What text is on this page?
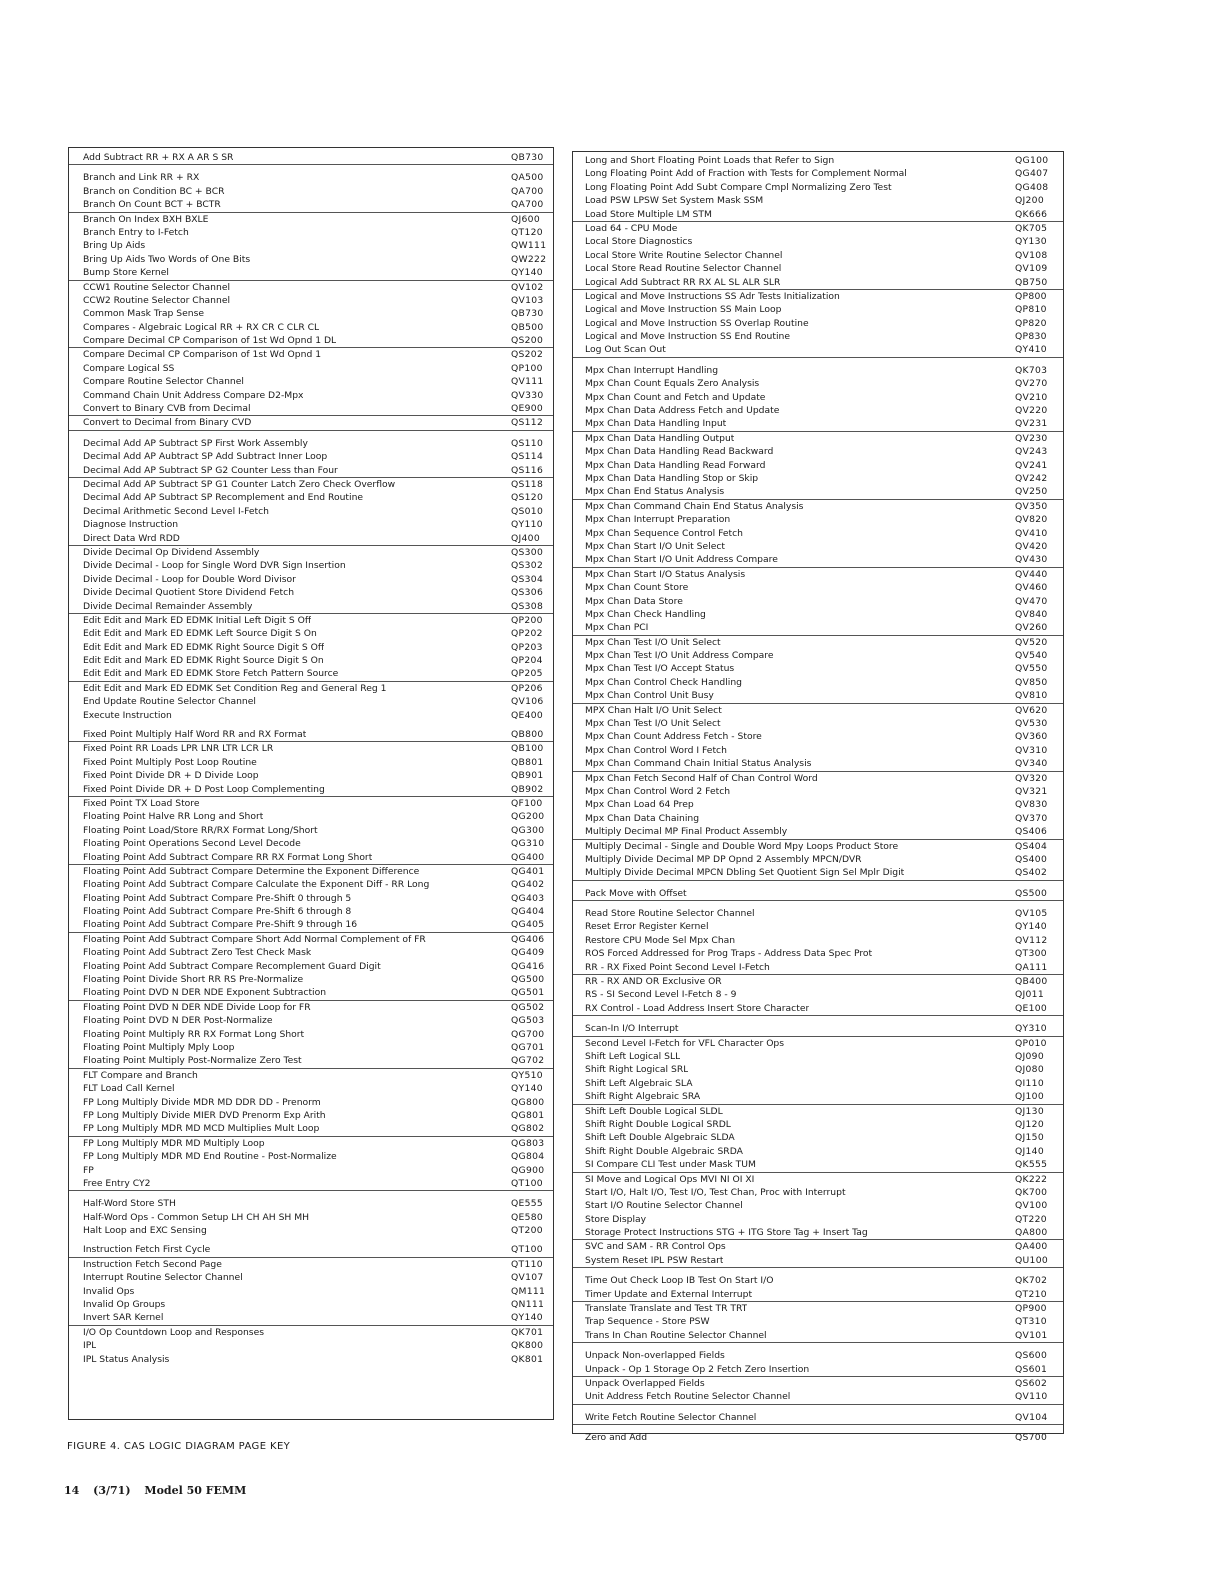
Add Subtract RR + RX A AR S SR	QB730
Branch and Link RR + RX	QA500
Branch on Condition BC + BCR	QA700
Branch On Count BCT + BCTR	QA700
Branch On Index BXH BXLE	QJ600
Branch Entry to I-Fetch	QT120
Bring Up Aids	QW111
Bring Up Aids Two Words of One Bits	QW222
Bump Store Kernel	QY140
CCW1 Routine Selector Channel	QV102
CCW2 Routine Selector Channel	QV103
Common Mask Trap Sense	QB730
Compares - Algebraic Logical RR + RX CR C CLR CL	QB500
Compare Decimal CP Comparison of 1st Wd Opnd 1 DL	QS200
Compare Decimal CP Comparison of 1st Wd Opnd 1	QS202
Compare Logical SS	QP100
Compare Routine Selector Channel	QV111
Command Chain Unit Address Compare D2-Mpx	QV330
Convert to Binary CVB from Decimal	QE900
Convert to Decimal from Binary CVD	QS112
Decimal Add AP Subtract SP First Work Assembly	QS110
Decimal Add AP Aubtract SP Add Subtract Inner Loop	QS114
Decimal Add AP Subtract SP G2 Counter Less than Four	QS116
Decimal Add AP Subtract SP G1 Counter Latch Zero Check Overflow	QS118
Decimal Add AP Subtract SP Recomplement and End Routine	QS120
Decimal Arithmetic Second Level I-Fetch	QS010
Diagnose Instruction	QY110
Direct Data Wrd RDD	QJ400
Divide Decimal Op Dividend Assembly	QS300
Divide Decimal - Loop for Single Word DVR Sign Insertion	QS302
Divide Decimal - Loop for Double Word Divisor	QS304
Divide Decimal Quotient Store Dividend Fetch	QS306
Divide Decimal Remainder Assembly	QS308
Edit Edit and Mark ED EDMK Initial Left Digit S Off	QP200
Edit Edit and Mark ED EDMK Left Source Digit S On	QP202
Edit Edit and Mark ED EDMK Right Source Digit S Off	QP203
Edit Edit and Mark ED EDMK Right Source Digit S On	QP204
Edit Edit and Mark ED EDMK Store Fetch Pattern Source	QP205
Edit Edit and Mark ED EDMK Set Condition Reg and General Reg 1	QP206
End Update Routine Selector Channel	QV106
Execute Instruction	QE400
Fixed Point Multiply Half Word RR and RX Format	QB800
Fixed Point RR Loads LPR LNR LTR LCR LR	QB100
Fixed Point Multiply Post Loop Routine	QB801
Fixed Point Divide DR + D Divide Loop	QB901
Fixed Point Divide DR + D Post Loop Complementing	QB902
Fixed Point TX Load Store	QF100
Floating Point Halve RR Long and Short	QG200
Floating Point Load/Store RR/RX Format Long/Short	QG300
Floating Point Operations Second Level Decode	QG310
Floating Point Add Subtract Compare RR RX Format Long Short	QG400
Floating Point Add Subtract Compare Determine the Exponent Difference	QG401
Floating Point Add Subtract Compare Calculate the Exponent Diff - RR Long	QG402
Floating Point Add Subtract Compare Pre-Shift 0 through 5	QG403
Floating Point Add Subtract Compare Pre-Shift 6 through 8	QG404
Floating Point Add Subtract Compare Pre-Shift 9 through 16	QG405
Floating Point Add Subtract Compare Short Add Normal Complement of FR	QG406
Floating Point Add Subtract Zero Test Check Mask	QG409
Floating Point Add Subtract Compare Recomplement Guard Digit	QG416
Floating Point Divide Short RR RS Pre-Normalize	QG500
Floating Point DVD N DER NDE Exponent Subtraction	QG501
Floating Point DVD N DER NDE Divide Loop for FR	QG502
Floating Point DVD N DER Post-Normalize	QG503
Floating Point Multiply RR RX Format Long Short	QG700
Floating Point Multiply Mply Loop	QG701
Floating Point Multiply Post-Normalize Zero Test	QG702
FLT Compare and Branch	QY510
FLT Load Call Kernel	QY140
FP Long Multiply Divide MDR MD DDR DD - Prenorm	QG800
FP Long Multiply Divide MIER DVD Prenorm Exp Arith	QG801
FP Long Multiply MDR MD MCD Multiplies Mult Loop	QG802
FP Long Multiply MDR MD Multiply Loop	QG803
FP Long Multiply MDR MD End Routine - Post-Normalize	QG804
FP	QG900
Free Entry CY2	QT100
Half-Word Store STH	QE555
Half-Word Ops - Common Setup LH CH AH SH MH	QE580
Halt Loop and EXC Sensing	QT200
Instruction Fetch First Cycle	QT100
Instruction Fetch Second Page	QT110
Interrupt Routine Selector Channel	QV107
Invalid Ops	QM111
Invalid Op Groups	QN111
Invert SAR Kernel	QY140
I/O Op Countdown Loop and Responses	QK701
IPL	QK800
IPL Status Analysis	QK801
Long and Short Floating Point Loads that Refer to Sign	QG100
Long Floating Point Add of Fraction with Tests for Complement Normal	QG407
Long Floating Point Add Subt Compare Cmpl Normalizing Zero Test	QG408
Load PSW LPSW Set System Mask SSM	QJ200
Load Store Multiple LM STM	QK666
Load 64 - CPU Mode	QK705
Local Store Diagnostics	QY130
Local Store Write Routine Selector Channel	QV108
Local Store Read Routine Selector Channel	QV109
Logical Add Subtract RR RX AL SL ALR SLR	QB750
Logical and Move Instructions SS Adr Tests Initialization	QP800
Logical and Move Instruction SS Main Loop	QP810
Logical and Move Instruction SS Overlap Routine	QP820
Logical and Move Instruction SS End Routine	QP830
Log Out Scan Out	QY410
Mpx Chan Interrupt Handling	QK703
Mpx Chan Count Equals Zero Analysis	QV270
Mpx Chan Count and Fetch and Update	QV210
Mpx Chan Data Address Fetch and Update	QV220
Mpx Chan Data Handling Input	QV231
Mpx Chan Data Handling Output	QV230
Mpx Chan Data Handling Read Backward	QV243
Mpx Chan Data Handling Read Forward	QV241
Mpx Chan Data Handling Stop or Skip	QV242
Mpx Chan End Status Analysis	QV250
Mpx Chan Command Chain End Status Analysis	QV350
Mpx Chan Interrupt Preparation	QV820
Mpx Chan Sequence Control Fetch	QV410
Mpx Chan Start I/O Unit Select	QV420
Mpx Chan Start I/O Unit Address Compare	QV430
Mpx Chan Start I/O Status Analysis	QV440
Mpx Chan Count Store	QV460
Mpx Chan Data Store	QV470
Mpx Chan Check Handling	QV840
Mpx Chan PCI	QV260
Mpx Chan Test I/O Unit Select	QV520
Mpx Chan Test I/O Unit Address Compare	QV540
Mpx Chan Test I/O Accept Status	QV550
Mpx Chan Control Check Handling	QV850
Mpx Chan Control Unit Busy	QV810
MPX Chan Halt I/O Unit Select	QV620
Mpx Chan Test I/O Unit Select	QV530
Mpx Chan Count Address Fetch - Store	QV360
Mpx Chan Control Word I Fetch	QV310
Mpx Chan Command Chain Initial Status Analysis	QV340
Mpx Chan Fetch Second Half of Chan Control Word	QV320
Mpx Chan Control Word 2 Fetch	QV321
Mpx Chan Load 64 Prep	QV830
Mpx Chan Data Chaining	QV370
Multiply Decimal MP Final Product Assembly	QS406
Multiply Decimal - Single and Double Word Mpy Loops Product Store	QS404
Multiply Divide Decimal MP DP Opnd 2 Assembly MPCN/DVR	QS400
Multiply Divide Decimal MPCN Dbling Set Quotient Sign Sel Mplr Digit	QS402
Pack Move with Offset	QS500
Read Store Routine Selector Channel	QV105
Reset Error Register Kernel	QY140
Restore CPU Mode Sel Mpx Chan	QV112
ROS Forced Addressed for Prog Traps - Address Data Spec Prot	QT300
RR - RX Fixed Point Second Level I-Fetch	QA111
RR - RX AND OR Exclusive OR	QB400
RS - SI Second Level I-Fetch 8 - 9	QJ011
RX Control - Load Address Insert Store Character	QE100
Scan-In I/O Interrupt	QY310
Second Level I-Fetch for VFL Character Ops	QP010
Shift Left Logical SLL	QJ090
Shift Right Logical SRL	QJ080
Shift Left Algebraic SLA	QI110
Shift Right Algebraic SRA	QJ100
Shift Left Double Logical SLDL	QJ130
Shift Right Double Logical SRDL	QJ120
Shift Left Double Algebraic SLDA	QJ150
Shift Right Double Algebraic SRDA	QJ140
SI Compare CLI Test under Mask TUM	QK555
SI Move and Logical Ops MVI NI OI XI	QK222
Start I/O, Halt I/O, Test I/O, Test Chan, Proc with Interrupt	QK700
Start I/O Routine Selector Channel	QV100
Store Display	QT220
Storage Protect Instructions STG + ITG Store Tag + Insert Tag	QA800
SVC and SAM - RR Control Ops	QA400
System Reset IPL PSW Restart	QU100
Time Out Check Loop IB Test On Start I/O	QK702
Timer Update and External Interrupt	QT210
Translate Translate and Test TR TRT	QP900
Trap Sequence - Store PSW	QT310
Trans In Chan Routine Selector Channel	QV101
Unpack Non-overlapped Fields	QS600
Unpack - Op 1 Storage Op 2 Fetch Zero Insertion	QS601
Unpack Overlapped Fields	QS602
Unit Address Fetch Routine Selector Channel	QV110
Write Fetch Routine Selector Channel	QV104
Zero and Add	QS700
FIGURE 4. CAS LOGIC DIAGRAM PAGE KEY
14 (3/71) Model 50 FEMM
